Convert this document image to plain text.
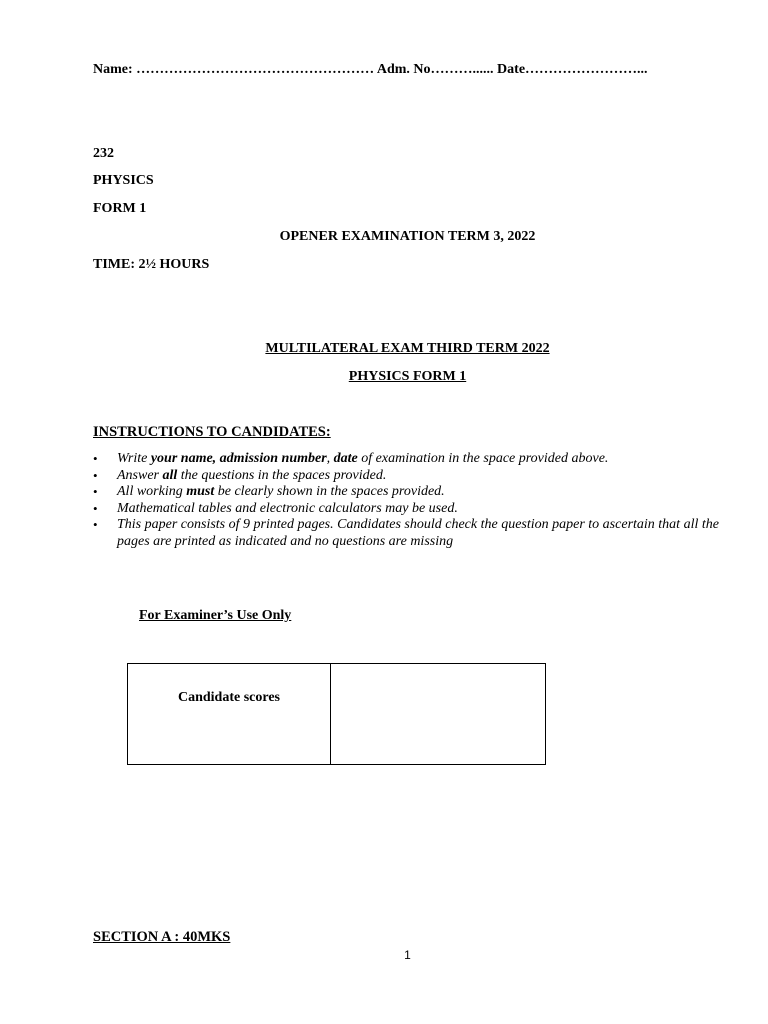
Name: …………………………………………… Adm. No………...... Date……………………...
232
PHYSICS
FORM 1
OPENER EXAMINATION TERM 3, 2022
TIME: 2½ HOURS
MULTILATERAL EXAM THIRD TERM 2022
PHYSICS FORM 1
INSTRUCTIONS TO CANDIDATES:
•	Write your name, admission number, date of examination in the space provided above.
•	Answer all the questions in the spaces provided.
•	All working must be clearly shown in the spaces provided.
•	Mathematical tables and electronic calculators may be used.
•	This paper consists of 9 printed pages. Candidates should check the question paper to ascertain that all the pages are printed as indicated and no questions are missing
For Examiner’s Use Only
Candidate scores

SECTION A : 40MKS
1
